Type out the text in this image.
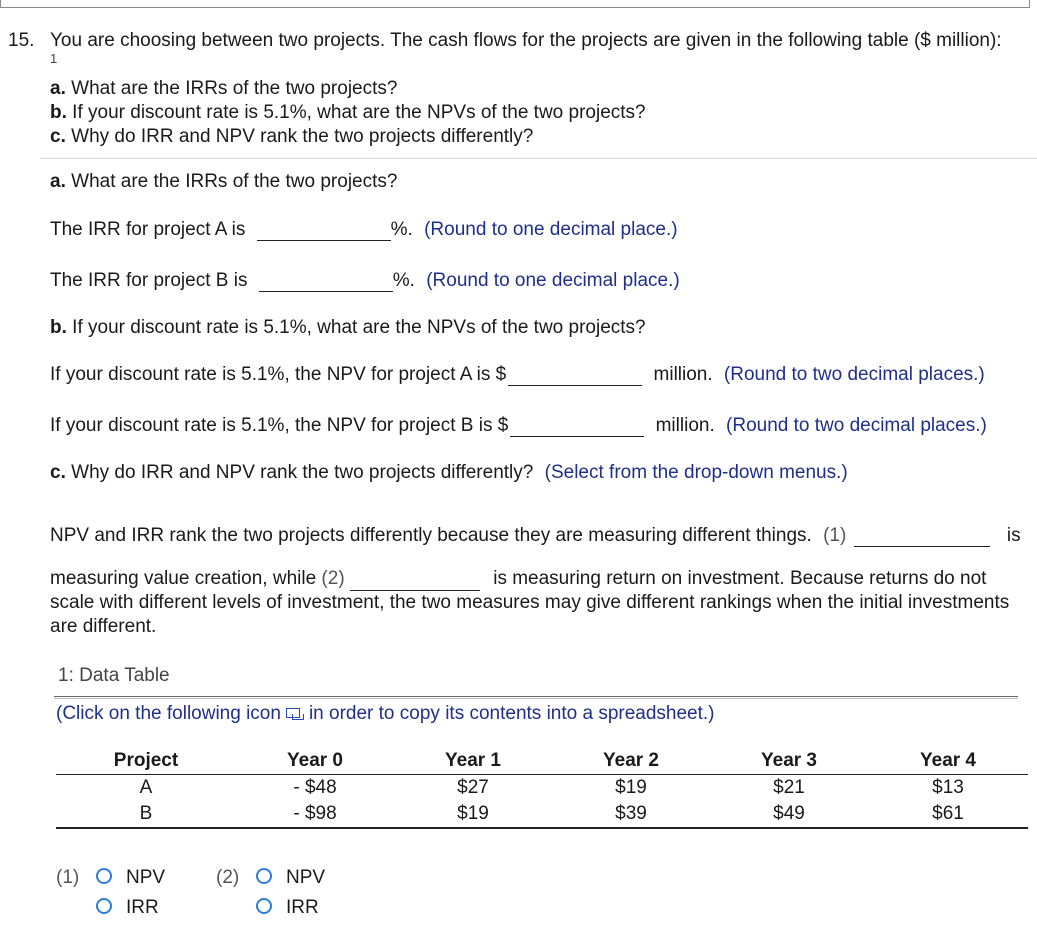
15. You are choosing between two projects. The cash flows for the projects are given in the following table ($ million):
1
a. What are the IRRs of the two projects?
b. If your discount rate is 5.1%, what are the NPVs of the two projects?
c. Why do IRR and NPV rank the two projects differently?
a. What are the IRRs of the two projects?
The IRR for project A is	%. (Round to one decimal place.)
The IRR for project B is	%. (Round to one decimal place.)
b. If your discount rate is 5.1%, what are the NPVs of the two projects?
If your discount rate is 5.1%, the NPV for project A is $	million. (Round to two decimal places.)
If your discount rate is 5.1%, the NPV for project B is $	million. (Round to two decimal places.)
c. Why do IRR and NPV rank the two projects differently? (Select from the drop-down menus.)
NPV and IRR rank the two projects differently because they are measuring different things. (1)	is
measuring value creation, while (2)	is measuring return on investment. Because returns do not scale with different levels of investment, the two measures may give different rankings when the initial investments are different.
1: Data Table
(Click on the following icon in order to copy its contents into a spreadsheet.)
Project	Year 0	Year 1	Year 2	Year 3	Year 4
A	- $48	$27	$19	$21	$13
B	- $98	$19	$39	$49	$61
(1)	NPV
IRR
(2)	NPV
IRR
